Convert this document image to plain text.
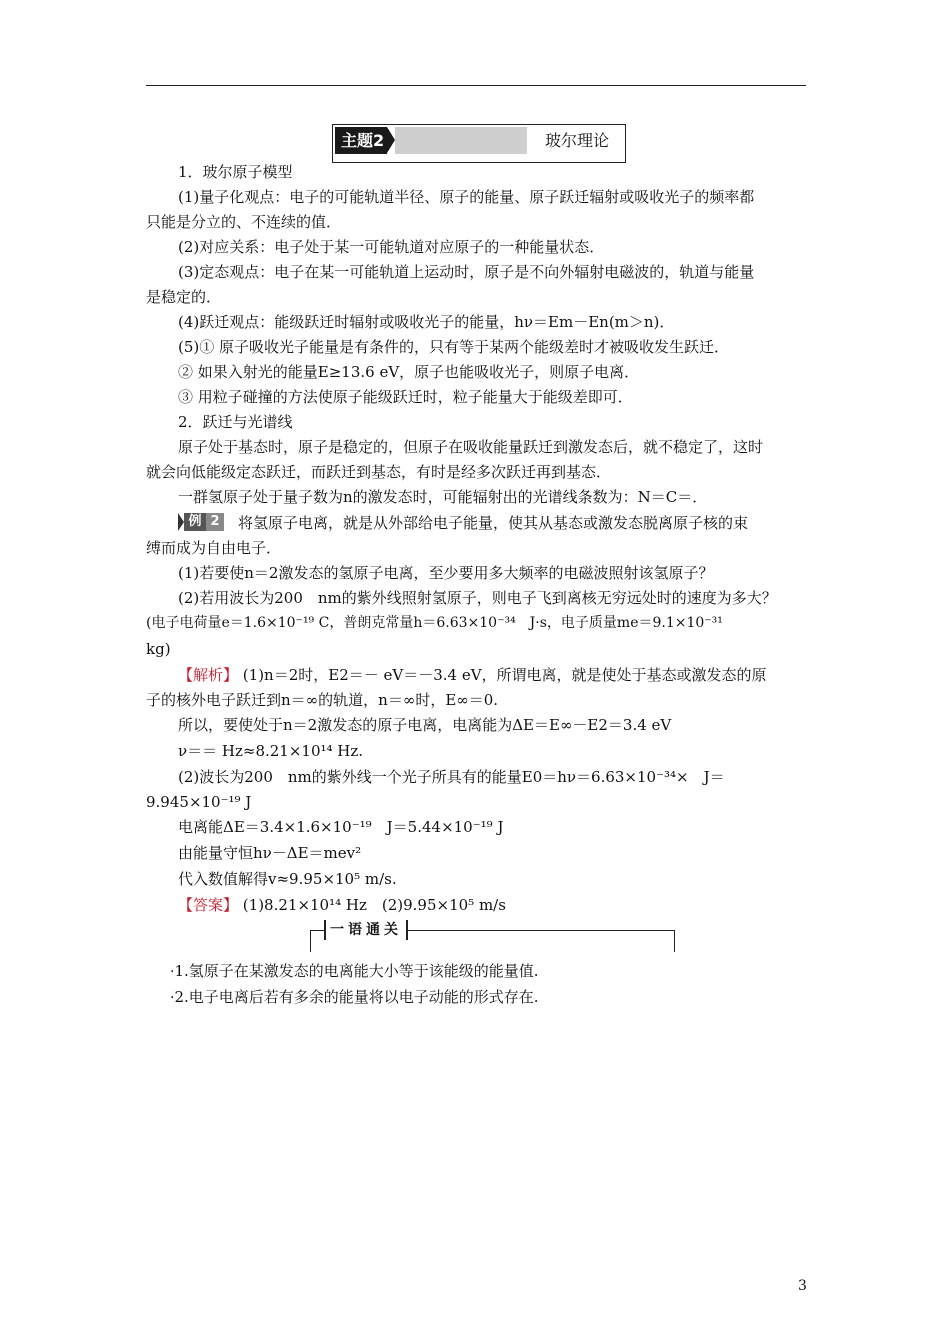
主题2	玻尔理论
1．玻尔原子模型
(1)量子化观点：电子的可能轨道半径、原子的能量、原子跃迁辐射或吸收光子的频率都
只能是分立的、不连续的值．
(2)对应关系：电子处于某一可能轨道对应原子的一种能量状态．
(3)定态观点：电子在某一可能轨道上运动时，原子是不向外辐射电磁波的，轨道与能量
是稳定的．
(4)跃迁观点：能级跃迁时辐射或吸收光子的能量，hν＝Em－En(m＞n)．
(5)① 原子吸收光子能量是有条件的，只有等于某两个能级差时才被吸收发生跃迁．
② 如果入射光的能量E≥13.6 eV，原子也能吸收光子，则原子电离．
③ 用粒子碰撞的方法使原子能级跃迁时，粒子能量大于能级差即可．
2．跃迁与光谱线
原子处于基态时，原子是稳定的，但原子在吸收能量跃迁到激发态后，就不稳定了，这时
就会向低能级定态跃迁，而跃迁到基态，有时是经多次跃迁再到基态．
一群氢原子处于量子数为n的激发态时，可能辐射出的光谱线条数为：N＝C＝．
例 2 将氢原子电离，就是从外部给电子能量，使其从基态或激发态脱离原子核的束
缚而成为自由电子．
(1)若要使n＝2激发态的氢原子电离，至少要用多大频率的电磁波照射该氢原子？
(2)若用波长为200　nm的紫外线照射氢原子，则电子飞到离核无穷远处时的速度为多大？
(电子电荷量e＝1.6×10⁻¹⁹ C，普朗克常量h＝6.63×10⁻³⁴　J·s，电子质量me＝9.1×10⁻³¹
kg)
【解析】 (1)n＝2时，E2＝－ eV＝－3.4 eV，所谓电离，就是使处于基态或激发态的原
子的核外电子跃迁到n＝∞的轨道，n＝∞时，E∞＝0.
所以，要使处于n＝2激发态的原子电离，电离能为ΔE＝E∞－E2＝3.4 eV
ν＝＝ Hz≈8.21×10¹⁴ Hz.
(2)波长为200　nm的紫外线一个光子所具有的能量E0＝hν＝6.63×10⁻³⁴×　J＝
9.945×10⁻¹⁹ J
电离能ΔE＝3.4×1.6×10⁻¹⁹　J＝5.44×10⁻¹⁹ J
由能量守恒hν－ΔE＝mev²
代入数值解得v≈9.95×10⁵ m/s.
【答案】 (1)8.21×10¹⁴ Hz　(2)9.95×10⁵ m/s
一语通关
·1.氢原子在某激发态的电离能大小等于该能级的能量值.
·2.电子电离后若有多余的能量将以电子动能的形式存在.
3
